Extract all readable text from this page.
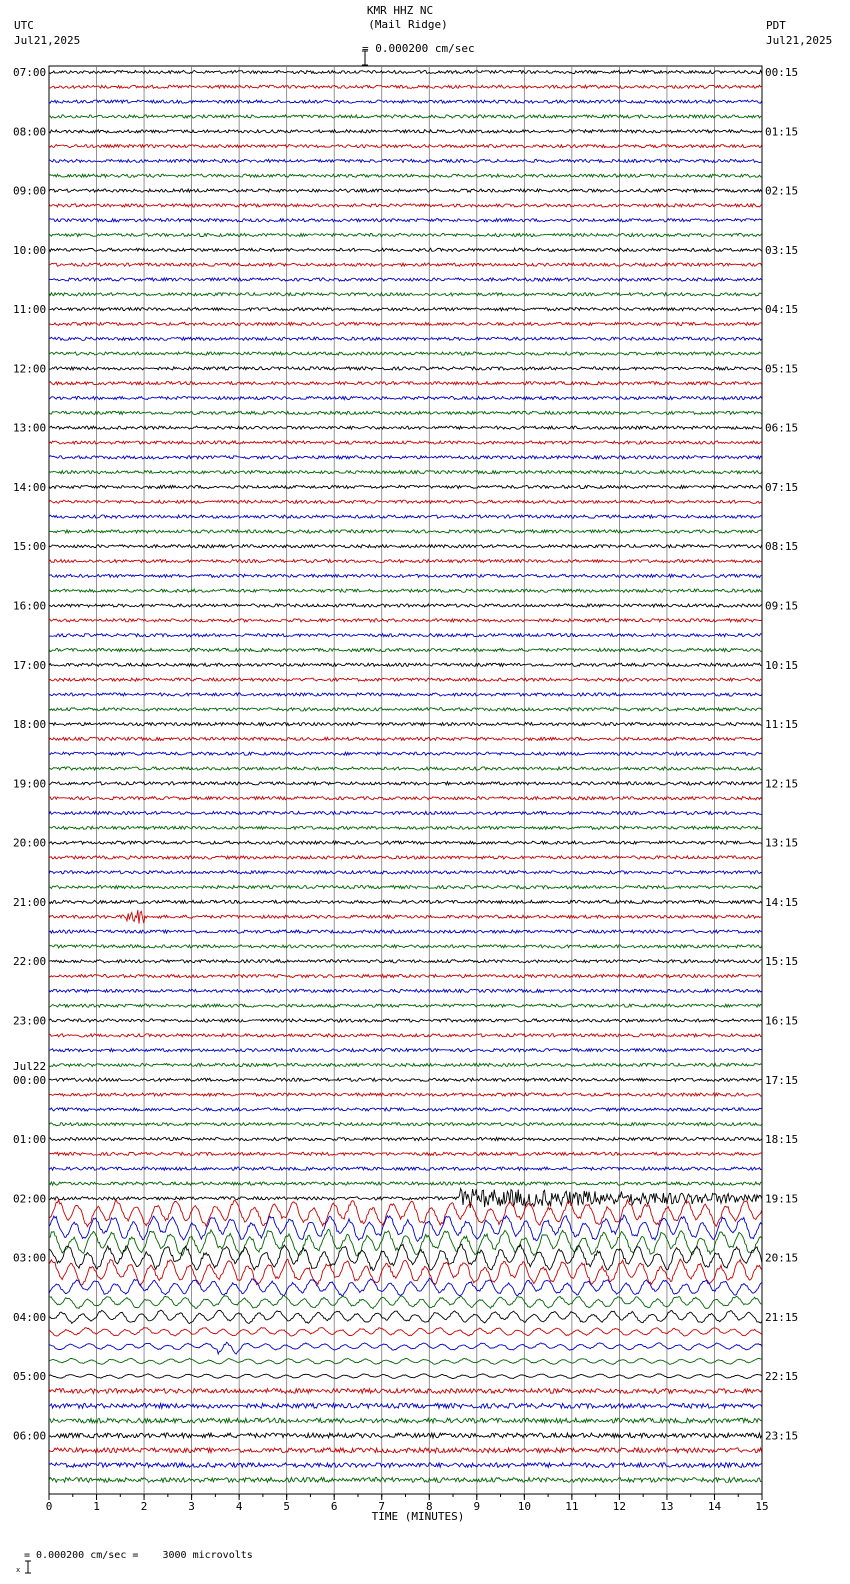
KMR HHZ NC
(Mail Ridge)

= 0.000200 cm/sec
UTC
Jul21,2025
PDT
Jul21,2025
0	1	2	3	4	5	6	7	8	9	10	11	12	13	14	15
07:00	00:15
08:00	01:15
09:00	02:15
10:00	03:15
11:00	04:15
12:00	05:15
13:00	06:15
14:00	07:15
15:00	08:15
16:00	09:15
17:00	10:15
18:00	11:15
19:00	12:15
20:00	13:15
21:00	14:15
22:00	15:15
23:00	16:15
00:00	17:15
Jul22
01:00	18:15
02:00	19:15
03:00	20:15
04:00	21:15
05:00	22:15
06:00	23:15
TIME (MINUTES)

x

= 0.000200 cm/sec =    3000 microvolts
